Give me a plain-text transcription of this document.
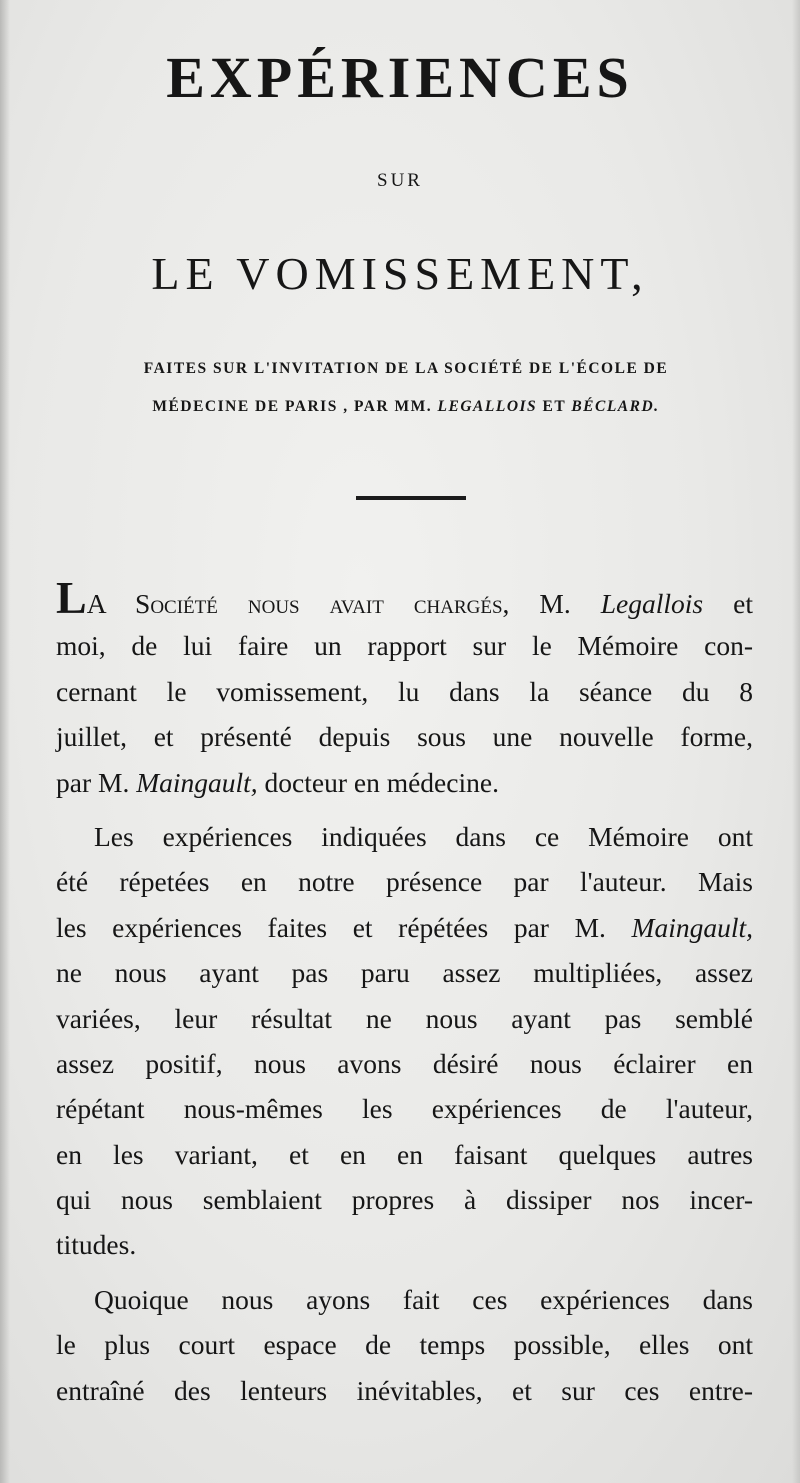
EXPÉRIENCES
SUR
LE VOMISSEMENT,
FAITES SUR L'INVITATION DE LA SOCIÉTÉ DE L'ÉCOLE DE
MÉDECINE DE PARIS , PAR MM. LEGALLOIS ET BÉCLARD.
LA Société nous avait chargés, M. Legallois et
moi, de lui faire un rapport sur le Mémoire con-
cernant le vomissement, lu dans la séance du 8
juillet, et présenté depuis sous une nouvelle forme,
par M. Maingault, docteur en médecine.
Les expériences indiquées dans ce Mémoire ont
été répetées en notre présence par l'auteur. Mais
les expériences faites et répétées par M. Maingault,
ne nous ayant pas paru assez multipliées, assez
variées, leur résultat ne nous ayant pas semblé
assez positif, nous avons désiré nous éclairer en
répétant nous-mêmes les expériences de l'auteur,
en les variant, et en en faisant quelques autres
qui nous semblaient propres à dissiper nos incer-
titudes.
Quoique nous ayons fait ces expériences dans
le plus court espace de temps possible, elles ont
entraîné des lenteurs inévitables, et sur ces entre-
